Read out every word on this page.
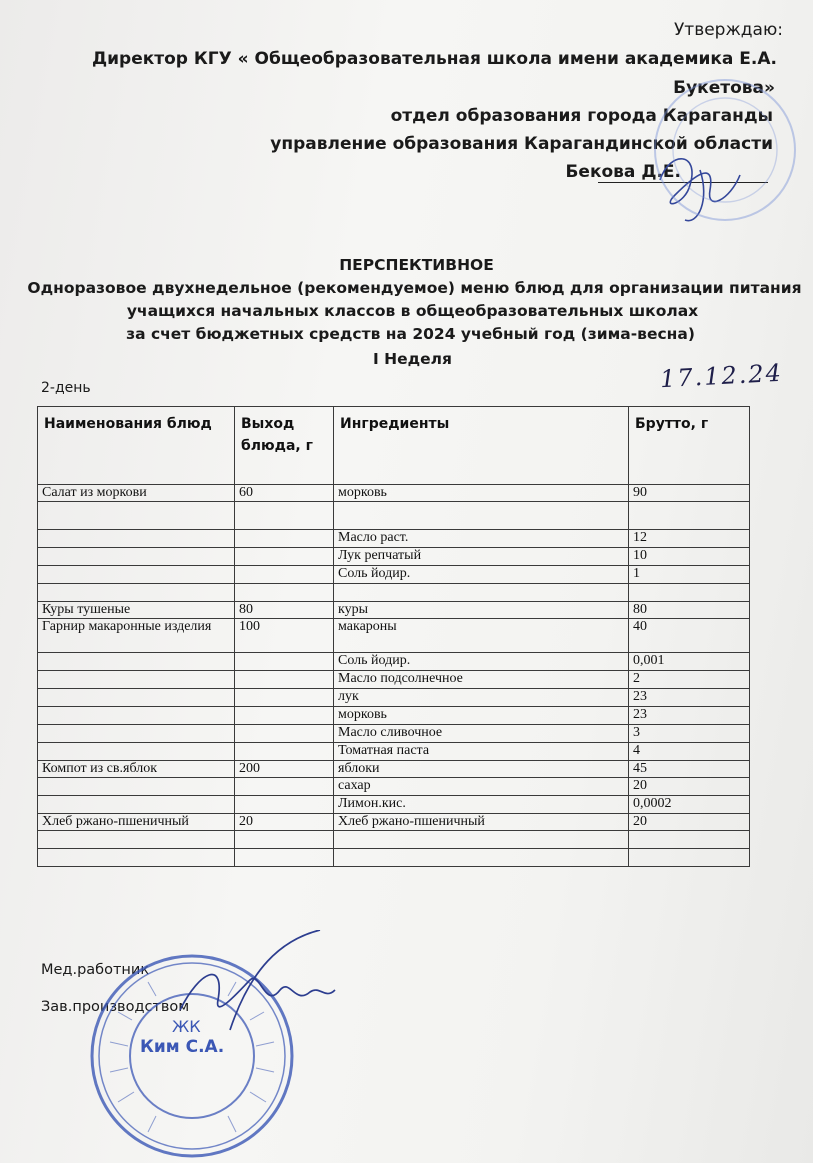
Утверждаю:
Директор КГУ « Общеобразовательная школа имени академика Е.А.
Букетова»
отдел образования города Караганды
управление образования Карагандинской области
Бекова Д.Е.
ПЕРСПЕКТИВНОЕ
Одноразовое двухнедельное (рекомендуемое) меню блюд для организации питания
учащихся начальных классов в общеобразовательных школах
за счет бюджетных средств на 2024 учебный год (зима-весна)
I Неделя
2-день	17.12.24
Наименования блюд	Выход блюда, г	Ингредиенты	Брутто, г
Салат из моркови	60	морковь	90

		Масло раст.	12
		Лук репчатый	10
		Соль йодир.	1

Куры тушеные	80	куры	80
Гарнир макаронные изделия	100	макароны	40
		Соль йодир.	0,001
		Масло подсолнечное	2
		лук	23
		морковь	23
		Масло сливочное	3
		Томатная паста	4
Компот из св.яблок	200	яблоки	45
		сахар	20
		Лимон.кис.	0,0002
Хлеб ржано-пшеничный	20	Хлеб ржано-пшеничный	20

Мед.работник
Зав.производством
ЖК
Ким С.А.
